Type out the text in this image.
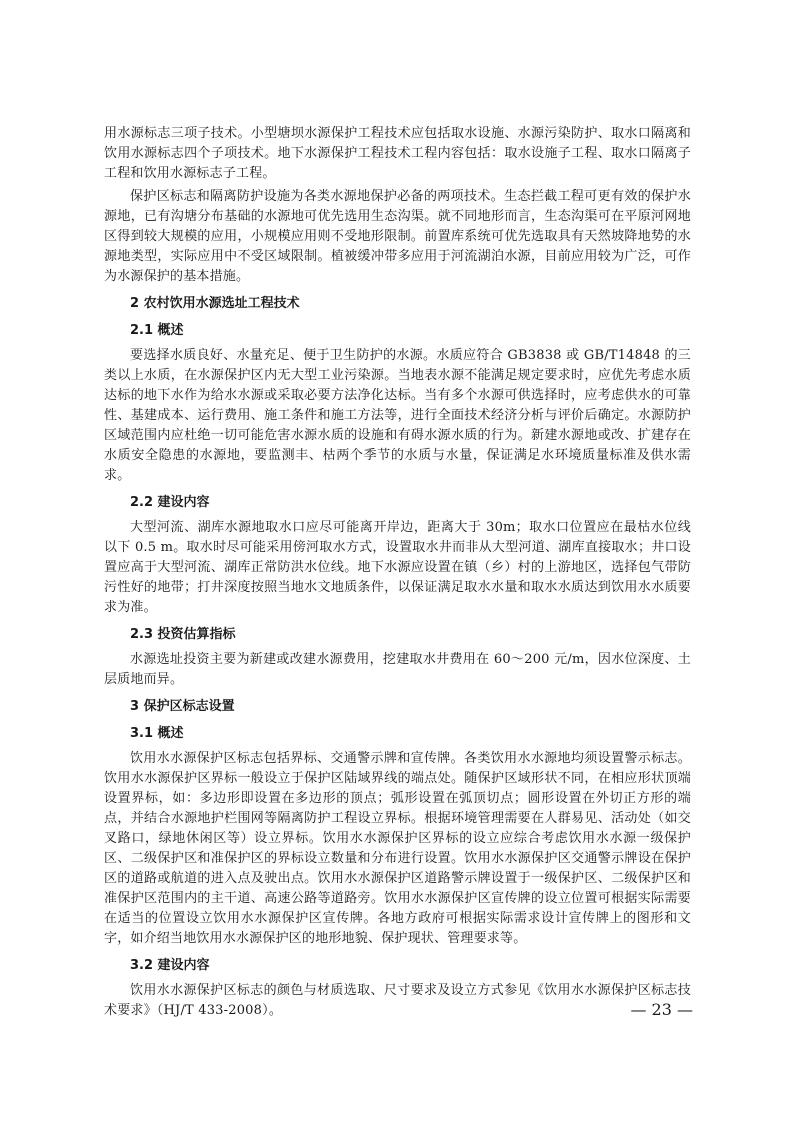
用水源标志三项子技术。小型塘坝水源保护工程技术应包括取水设施、水源污染防护、取水口隔离和饮用水源标志四个子项技术。地下水源保护工程技术工程内容包括：取水设施子工程、取水口隔离子工程和饮用水源标志子工程。

保护区标志和隔离防护设施为各类水源地保护必备的两项技术。生态拦截工程可更有效的保护水源地，已有沟塘分布基础的水源地可优先选用生态沟渠。就不同地形而言，生态沟渠可在平原河网地区得到较大规模的应用，小规模应用则不受地形限制。前置库系统可优先选取具有天然坡降地势的水源地类型，实际应用中不受区域限制。植被缓冲带多应用于河流湖泊水源，目前应用较为广泛，可作为水源保护的基本措施。

2 农村饮用水源选址工程技术
2.1 概述

要选择水质良好、水量充足、便于卫生防护的水源。水质应符合 GB3838 或 GB/T14848 的三类以上水质，在水源保护区内无大型工业污染源。当地表水源不能满足规定要求时，应优先考虑水质达标的地下水作为给水水源或采取必要方法净化达标。当有多个水源可供选择时，应考虑供水的可靠性、基建成本、运行费用、施工条件和施工方法等，进行全面技术经济分析与评价后确定。水源防护区域范围内应杜绝一切可能危害水源水质的设施和有碍水源水质的行为。新建水源地或改、扩建存在水质安全隐患的水源地，要监测丰、枯两个季节的水质与水量，保证满足水环境质量标准及供水需求。

2.2 建设内容

大型河流、湖库水源地取水口应尽可能离开岸边，距离大于 30m；取水口位置应在最枯水位线以下 0.5 m。取水时尽可能采用傍河取水方式，设置取水井而非从大型河道、湖库直接取水；井口设置应高于大型河流、湖库正常防洪水位线。地下水源应设置在镇（乡）村的上游地区，选择包气带防污性好的地带；打井深度按照当地水文地质条件，以保证满足取水水量和取水水质达到饮用水水质要求为准。

2.3 投资估算指标

水源选址投资主要为新建或改建水源费用，挖建取水井费用在 60～200 元/m，因水位深度、土层质地而异。

3 保护区标志设置
3.1 概述

饮用水水源保护区标志包括界标、交通警示牌和宣传牌。各类饮用水水源地均须设置警示标志。饮用水水源保护区界标一般设立于保护区陆域界线的端点处。随保护区域形状不同，在相应形状顶端设置界标，如：多边形即设置在多边形的顶点；弧形设置在弧顶切点；圆形设置在外切正方形的端点，并结合水源地护栏围网等隔离防护工程设立界标。根据环境管理需要在人群易见、活动处（如交叉路口，绿地休闲区等）设立界标。饮用水水源保护区界标的设立应综合考虑饮用水水源一级保护区、二级保护区和准保护区的界标设立数量和分布进行设置。饮用水水源保护区交通警示牌设在保护区的道路或航道的进入点及驶出点。饮用水水源保护区道路警示牌设置于一级保护区、二级保护区和准保护区范围内的主干道、高速公路等道路旁。饮用水水源保护区宣传牌的设立位置可根据实际需要在适当的位置设立饮用水水源保护区宣传牌。各地方政府可根据实际需求设计宣传牌上的图形和文字，如介绍当地饮用水水源保护区的地形地貌、保护现状、管理要求等。

3.2 建设内容

饮用水水源保护区标志的颜色与材质选取、尺寸要求及设立方式参见《饮用水水源保护区标志技术要求》（HJ/T 433-2008）。	— 23 —
